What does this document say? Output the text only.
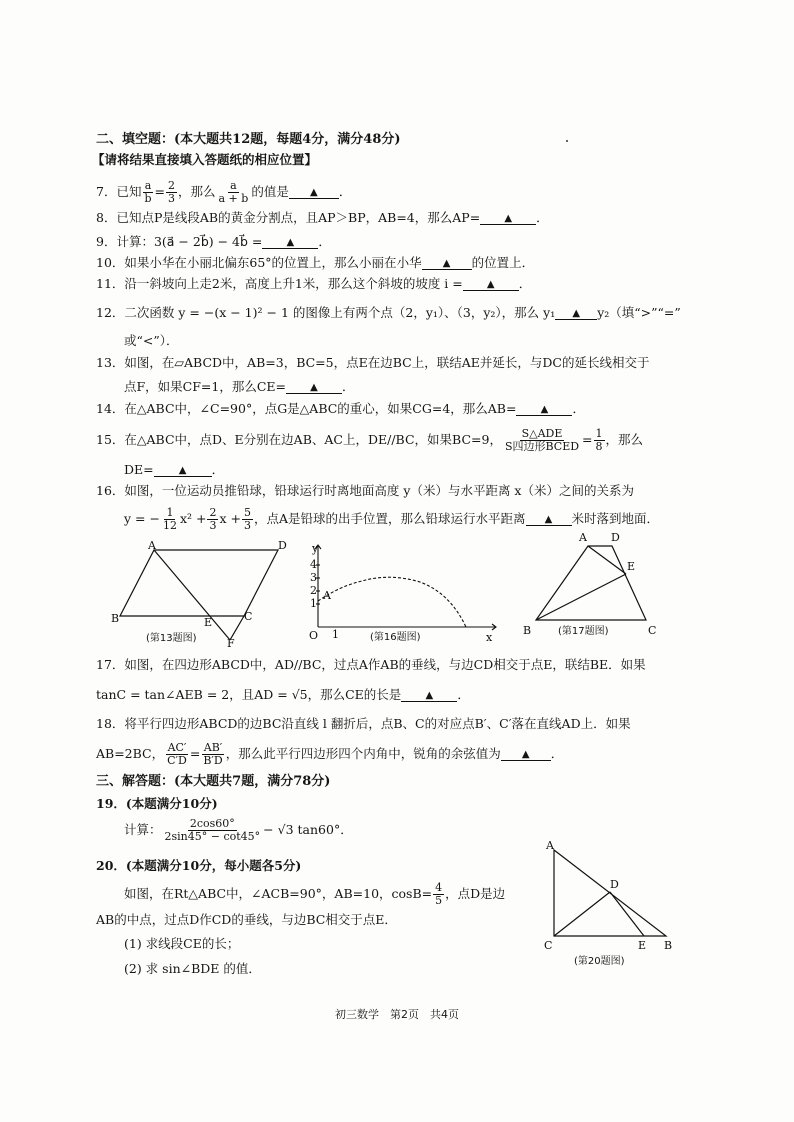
二、填空题：(本大题共12题，每题4分，满分48分)
【请将结果直接填入答题纸的相应位置】
7．已知 $\frac{a}{b} = \frac{2}{3}$ ，那么 $\frac{a}{a + b}$ 的值是 ▲ ．
8．已知点P是线段AB的黄金分割点，且AP＞BP，AB=4，那么AP= ▲ ．
9．计算：3(a⃗ − 2b⃗) − 4b⃗ = ▲ ．
10．如果小华在小丽北偏东65°的位置上，那么小丽在小华 ▲ 的位置上．
11．沿一斜坡向上走2米，高度上升1米，那么这个斜坡的坡度 i = ▲ ．
12．二次函数 y = −(x − 1)² − 1 的图像上有两个点（2，y₁）、（3，y₂），那么 y₁ ▲ y₂（填“>”“=”
或“<”）．
13．如图，在▱ABCD中，AB=3，BC=5，点E在边BC上，联结AE并延长，与DC的延长线相交于
点F，如果CF=1，那么CE= ▲ ．
14．在△ABC中，∠C=90°，点G是△ABC的重心，如果CG=4，那么AB= ▲ ．
15．在△ABC中，点D、E分别在边AB、AC上，DE//BC，如果BC=9， $\frac{\text{S△ADE}}{\text{S四边形BCED}} = \frac{1}{8}$ ，那么
DE=	▲ ．
16．如图，一位运动员推铅球，铅球运行时离地面高度 y（米）与水平距离 x（米）之间的关系为
y = − $\frac{1}{12} x^2 + \frac{2}{3}$ $x + \frac{5}{3}$ ，点A是铅球的出手位置，那么铅球运行水平距离 ▲ 米时落到地面．
A	D
B	C
E
F
(第13题图)
y
x
O
A
4
3
2
1
1	(第16题图)
A D
E
B	C
(第17题图)
17．如图，在四边形ABCD中，AD//BC，过点A作AB的垂线，与边CD相交于点E，联结BE．如果
tanC = tan∠AEB = 2，且AD = √5，那么CE的长是 ▲ ．
18．将平行四边形ABCD的边BC沿直线 l 翻折后，点B、C的对应点B′、C′落在直线AD上．如果
AB=2BC， $\frac{AC'}{C'D} = \frac{AB'}{B'D}$ ，那么此平行四边形四个内角中，锐角的余弦值为 ▲ ．
三、解答题：(本大题共7题，满分78分)
19．(本题满分10分)
计算： $\frac{2\cos 60^\circ}{2\sin 45^\circ - \cot 45^\circ} - √3$ tan60°．
20．(本题满分10分，每小题各5分)
如图，在Rt△ABC中，∠ACB=90°，AB=10，$\cos B= \frac{4}{5}$ ，点D是边
AB的中点，过点D作CD的垂线，与边BC相交于点E．
(1) 求线段CE的长；
(2) 求 sin∠BDE 的值．
A
D
C	E B
(第20题图)
初三数学　第2页　共4页
